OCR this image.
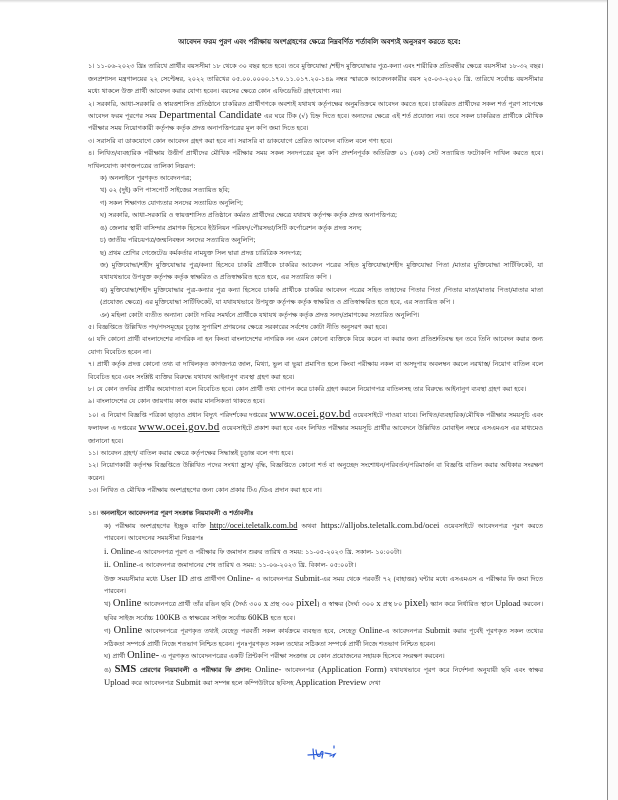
আবেদন ফরম পুরণ এবং পরীক্ষায় অংশগ্রহণের ক্ষেত্রে নিম্নবর্ণিত শর্তাবলি অবশ্যই অনুসরণ করতে হবে:

১। ১১-০৬-২০২৩ খ্রিঃ তারিখে প্রার্থীর বয়সসীমা ১৮ থেকে ৩০ বছর হতে হবে। তবে মুক্তিযোদ্ধা /শহীদ মুক্তিযোদ্ধার পুত্র-কন্যা এবং শারীরিক প্রতিবন্ধীর ক্ষেত্রে বয়সসীমা ১৮-৩২ বছর। জনপ্রশাসন মন্ত্রণালয়ের ২২ সেপ্টেম্বর, ২০২২ তারিখের ০৫.০০.০০০০.১৭০.১১.০১৭.২০-১৪৯ নম্বর স্মারকে আবেদনকারীর বয়স ২৫-০৩-২০২০ খ্রি. তারিখে সর্বোচ্চ বয়সসীমার মধ্যে থাকলে উক্ত প্রার্থী আবেদন করার যোগ্য হবেন। বয়সের ক্ষেত্রে কোন এফিডেভিট গ্রহণযোগ্য নয়।

২। সরকারি, আধা-সরকারি ও স্বায়ত্তশাসিত প্রতিষ্ঠানে চাকরিরত প্রার্থীগণকে অবশ্যই যথাযথ কর্তৃপক্ষের অনুমতিক্রমে আবেদন করতে হবে। চাকরিরত প্রার্থীদের সকল শর্ত পূরণ সাপেক্ষে আবেদন ফরম পূরণের সময় Departmental Candidate এর ঘরে টিক (√) চিহ্ন দিতে হবে। অন্যদের ক্ষেত্রে এই শর্ত প্রযোজ্য নয়। তবে সকল চাকরিরত প্রার্থীকে মৌখিক পরীক্ষার সময় নিয়োগকারী কর্তৃপক্ষ কর্তৃক প্রদত্ত অনাপত্তিপত্রের মূল কপি জমা দিতে হবে।

৩। সরাসরি বা ডাকযোগে কোন আবেদন গ্রহণ করা হবে না। সরাসরি বা ডাকযোগে প্রেরিত আবেদন বাতিল বলে গণ্য হবে।

৪। লিখিত/ব্যবহারিক পরীক্ষায় উত্তীর্ণ প্রার্থীদের মৌখিক পরীক্ষার সময় সকল সনদপত্রের মূল কপি প্রদর্শনপূর্বক অতিরিক্ত ০১ (এক) সেট সত্যায়িত ফটোকপি দাখিল করতে হবে। দাখিলযোগ্য কাগজপত্রের তালিকা নিম্নরূপ:

ক) অনলাইনে পূরণকৃত আবেদনপত্র;

খ) ০২ (দুই) কপি পাসপোর্ট সাইজের সত্যায়িত ছবি;

গ) সকল শিক্ষাগত যোগ্যতার সনদের সত্যায়িত অনুলিপি;

ঘ) সরকারি, আধা-সরকারি ও স্বায়ত্তশাসিত প্রতিষ্ঠানে কর্মরত প্রার্থীদের ক্ষেত্রে যথাযথ কর্তৃপক্ষ কর্তৃক প্রদত্ত অনাপত্তিপত্র;

ঙ) জেলার স্থায়ী বাসিন্দার প্রমাণক হিসেবে ইউনিয়ন পরিষদ/পৌরসভা/সিটি কর্পোরেশন কর্তৃক প্রদত্ত সনদ;

চ) জাতীয় পরিচয়পত্র/জন্মনিবন্ধন সনদের সত্যায়িত অনুলিপি;

ছ) প্রথম শ্রেণির গেজেটেড কর্মকর্তার নামযুক্ত সিল দ্বারা প্রদত্ত চারিত্রিক সনদপত্র;

জ) মুক্তিযোদ্ধা/শহীদ মুক্তিযোদ্ধার পুত্র/কন্যা হিসেবে চাকরি প্রার্থীকে চাকরির আবেদন পত্রের সহিত মুক্তিযোদ্ধা/শহীদ মুক্তিযোদ্ধা পিতা /মাতার মুক্তিযোদ্ধা সার্টিফিকেট, যা যথাযথভাবে উপযুক্ত কর্তৃপক্ষ কর্তৃক স্বাক্ষরিত ও প্রতিস্বাক্ষরিত হতে হবে, এর সত্যায়িত কপি ।

ঝ) মুক্তিযোদ্ধা/শহীদ মুক্তিযোদ্ধার পুত্র-কন্যার পুত্র কন্যা হিসেবে চাকরি প্রার্থীকে চাকরির আবেদন পত্রের সহিত তাহাদের পিতার পিতা /পিতার মাতা/মাতার পিতা/মাতার মাতা (প্রযোজ্য ক্ষেত্রে) এর মুক্তিযোদ্ধা সার্টিফিকেট, যা যথাযথভাবে উপযুক্ত কর্তৃপক্ষ কর্তৃক স্বাক্ষরিত ও প্রতিস্বাক্ষরিত হতে হবে, এর সত্যায়িত কপি ।

ঞ) মহিলা কোটা ব্যতীত অন্যান্য কোটা দাবির সমর্থনে প্রার্থীকে যথাযথ কর্তৃপক্ষ কর্তৃক প্রদত্ত সনদ/প্রমাণকের সত্যায়িত অনুলিপি।

৫। বিজ্ঞপ্তিতে উল্লিখিত পদ/পদসমূহের চূড়ান্ত সুপারিশ প্রণয়নের ক্ষেত্রে সরকারের সর্বশেষ কোটা নীতি অনুসরণ করা হবে।

৬। যদি কোনো প্রার্থী বাংলাদেশের নাগরিক না হন কিংবা বাংলাদেশের নাগরিক নন এমন কোনো ব্যক্তিকে বিয়ে করেন বা করার জন্য প্রতিশ্রুতিবদ্ধ হন তবে তিনি আবেদন করার জন্য যোগ্য বিবেচিত হবেন না।

৭। প্রার্থী কর্তৃক প্রদত্ত কোনো তথ্য বা দাখিলকৃত কাগজপত্র জাল, মিথ্যা, ভুল বা ভুয়া প্রমাণিত হলে কিংবা পরীক্ষায় নকল বা অসদুপায় অবলম্বন করলে নরখাস্ত/ নিয়োগ বাতিল বলে বিবেচিত হবে এবং সংশ্লিষ্ট ব্যক্তির বিরুদ্ধে যথাযথ আইনানুগ ব্যবস্থা গ্রহণ করা হবে।

৮। যে কোন তদবির প্রার্থীর অযোগ্যতা বলে বিবেচিত হবে। কোন প্রার্থী তথ্য গোপন করে চাকরি গ্রহণ করলে নিয়োগপত্র বাতিলসহ তার বিরুদ্ধে আইনানুগ ব্যবস্থা গ্রহণ করা হবে।

৯। বাংলাদেশের যে কোন জায়গায় কাজ করার মানসিকতা থাকতে হবে।

১০। এ নিয়োগ বিজ্ঞপ্তি পত্রিকা ছাড়াও প্রধান বিদ্যুৎ পরিদর্শকের দপ্তরের www.ocei.gov.bd ওয়েবসাইটে পাওয়া যাবে। লিখিত/ব্যবহারিক/মৌখিক পরীক্ষার সময়সূচি এবং ফলাফল এ দপ্তরের www.ocei.gov.bd ওয়েবসাইটে প্রকাশ করা হবে এবং লিখিত পরীক্ষার সময়সূচি প্রার্থীর আবেদনে উল্লিখিত মোবাইল নম্বরে এসএমএস এর মাধ্যমেও জানানো হবে।

১১। আবেদন গ্রহণ/ বাতিল করার ক্ষেত্রে কর্তৃপক্ষের সিদ্ধান্তই চূড়ান্ত বলে গণ্য হবে।

১২। নিয়োগকারী কর্তৃপক্ষ বিজ্ঞপ্তিতে উল্লিখিত পদের সংখ্যা হ্রাস/ বৃদ্ধি, বিজ্ঞপ্তিতে কোনো শর্ত বা অনুচ্ছেদ সংশোধন/পরিবর্তন/পরিমার্জন বা বিজ্ঞপ্তি বাতিল করার অধিকার সংরক্ষণ করেন।

১৩। লিখিত ও মৌখিক পরীক্ষায় অংশগ্রহণের জন্য কোন প্রকার টিএ /ডিএ প্রদান করা হবে না।

১৪। অনলাইনে আবেদনপত্র পূরণ সংক্রান্ত নিয়মাবলী ও শর্তাবলীঃ

ক) পরীক্ষায় অংশগ্রহণের ইচ্ছুক ব্যক্তি http://ocei.teletalk.com.bd অথবা https://alljobs.teletalk.com.bd/ocei ওয়েবসাইটে আবেদনপত্র পূরণ করতে পারবেন। আবেদনের সময়সীমা নিম্নরূপঃ

i. Online-এ আবেদনপত্র পূরণ ও পরীক্ষার ফি জমাদান শুরুর তারিখ ও সময়: ১১-০৫-২০২৩ খ্রি. সকাল- ১০:০০টা।

ii. Online-এ আবেদনপত্র জমাদানের শেষ তারিখ ও সময়: ১১-০৬-২০২৩ খ্রি. বিকাল- ০৫:০০টা।

উক্ত সময়সীমার মধ্যে User ID প্রাপ্ত প্রার্থীগণ Online- এ আবেদনপত্র Submit-এর সময় থেকে পরবর্তী ৭২ (বাহাত্তর) ঘন্টার মধ্যে এসএমএস এ পরীক্ষার ফি জমা দিতে পারবেন।

খ) Online আবেদনপত্রে প্রার্থী তাঁর রঙিন ছবি (দৈর্ঘ্য ৩০০ x প্রস্থ ৩০০ pixel) ও স্বাক্ষর (দৈর্ঘ্য ৩০০ x প্রস্থ ৮০ pixel) স্ক্যান করে নির্ধারিত স্থানে Upload করবেন। ছবির সাইজ সর্বোচ্চ 100KB ও স্বাক্ষরের সাইজ সর্বোচ্চ 60KB হতে হবে।

গ) Online আবেদনপত্রে পূরণকৃত তথ্যই যেহেতু পরবর্তী সকল কার্যক্রমে ব্যবহৃত হবে, সেহেতু Online-এ আবেদনপত্র Submit করার পূর্বেই পূরণকৃত সকল তথ্যের সঠিকতা সম্পর্কে প্রার্থী নিজে শতভাগ নিশ্চিত হবেন। পুনঃপূরণকৃত সকল তথ্যের সঠিকতা সম্পর্কে প্রার্থী নিজে শতভাগ নিশ্চিত হবেন।

ঘ) প্রার্থী Online- এ পূরণকৃত আবেদনপত্রের একটি প্রিন্টকপি পরীক্ষা সংক্রান্ত যে কোন প্রয়োজনের সহায়ক হিসেবে সংরক্ষণ করবেন।

ঙ) SMS প্রেরণের নিয়মাবলী ও পরীক্ষার ফি প্রদান: Online- আবেদনপত্র (Application Form) যথাযথভাবে পূরণ করে নির্দেশনা অনুযায়ী ছবি এবং স্বাক্ষর Upload করে আবেদনপত্র Submit করা সম্পন্ন হলে কম্পিউটারে ছবিসহ Application Preview দেখা
